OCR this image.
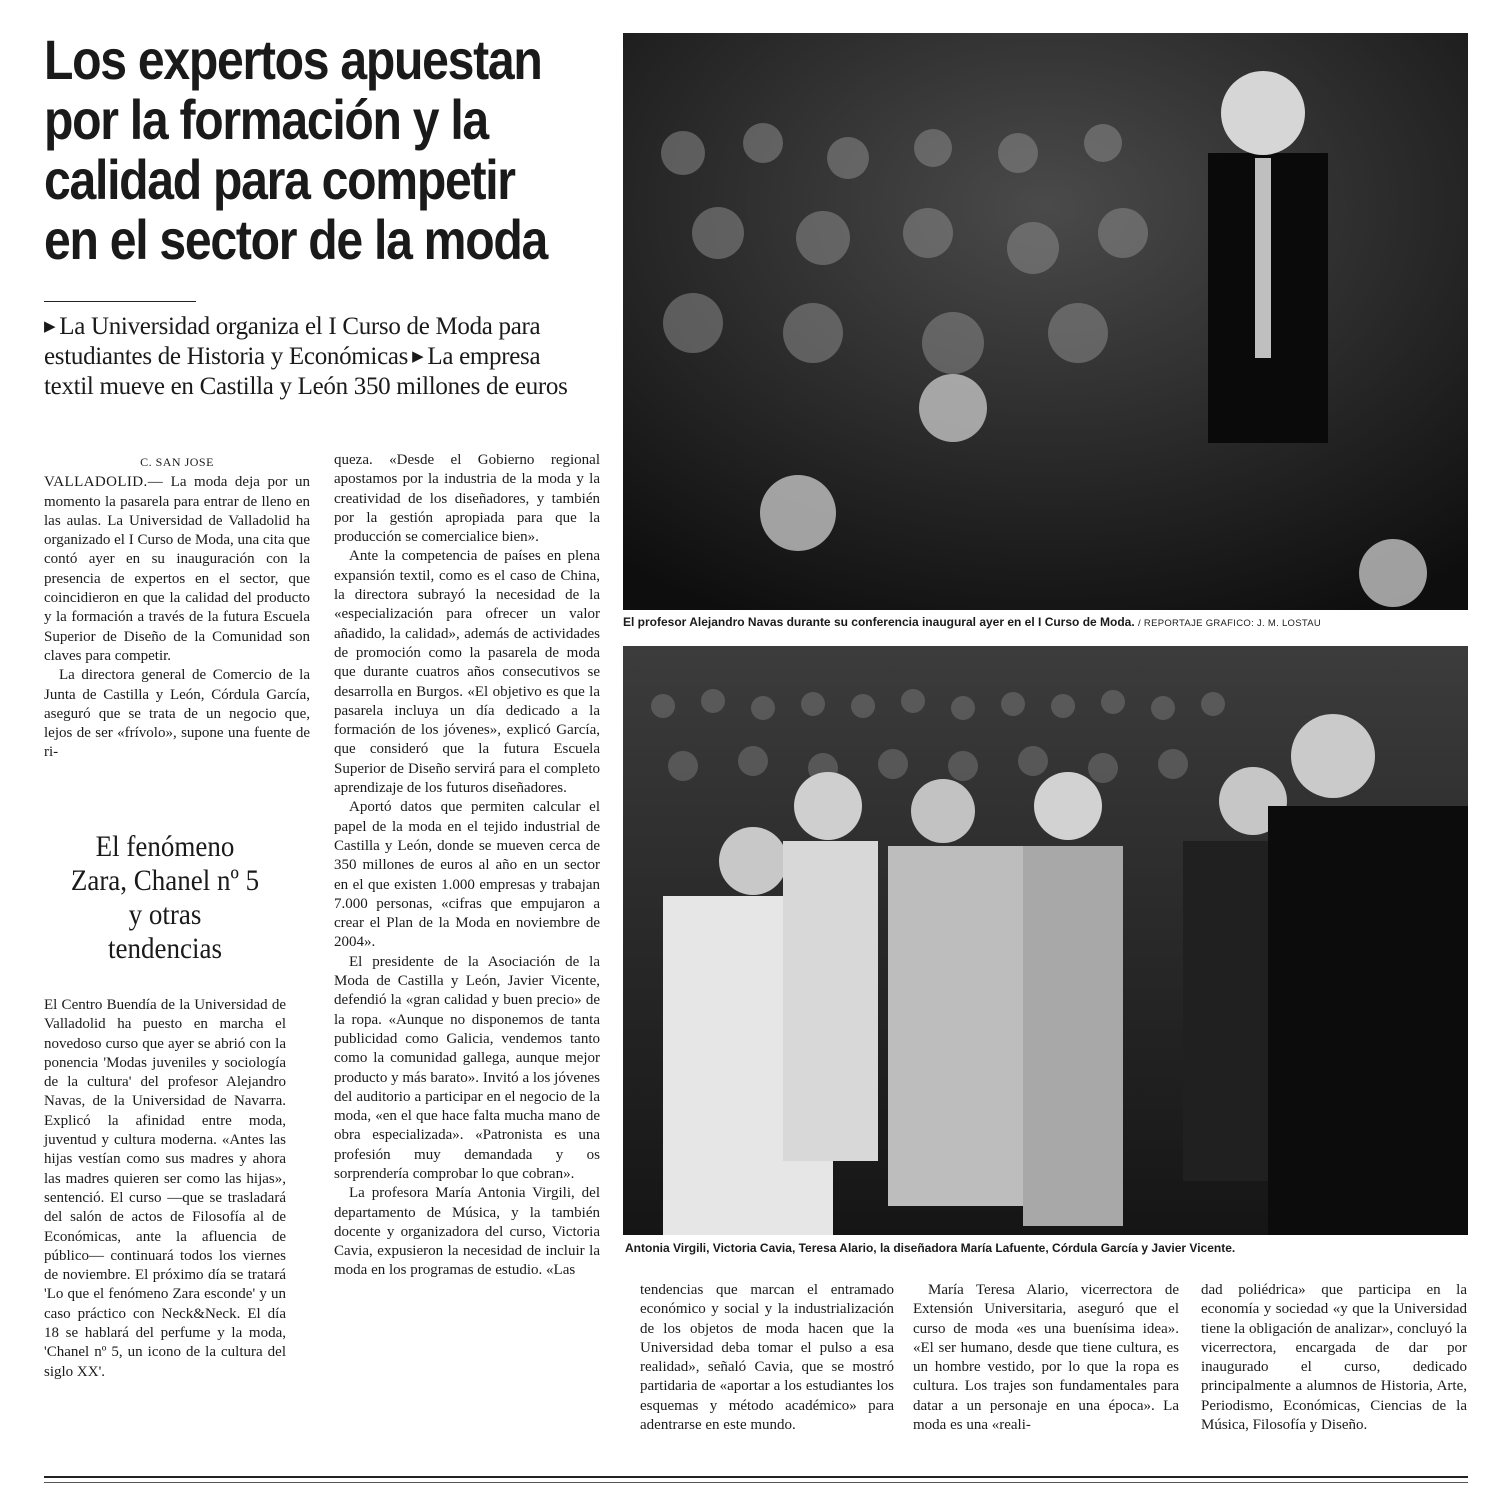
Los expertos apuestan
por la formación y la
calidad para competir
en el sector de la moda
▶ La Universidad organiza el I Curso de Moda para
estudiantes de Historia y Económicas ▶ La empresa
textil mueve en Castilla y León 350 millones de euros
C. SAN JOSE

VALLADOLID.— La moda deja por un momento la pasarela para entrar de lleno en las aulas. La Universidad de Valladolid ha organizado el I Curso de Moda, una cita que contó ayer en su inauguración con la presencia de expertos en el sector, que coincidieron en que la calidad del producto y la formación a través de la futura Escuela Superior de Diseño de la Comunidad son claves para competir.

La directora general de Comercio de la Junta de Castilla y León, Córdula García, aseguró que se trata de un negocio que, lejos de ser «frívolo», supone una fuente de ri-

El fenómeno
Zara, Chanel nº 5
y otras
tendencias

El Centro Buendía de la Universidad de Valladolid ha puesto en marcha el novedoso curso que ayer se abrió con la ponencia 'Modas juveniles y sociología de la cultura' del profesor Alejandro Navas, de la Universidad de Navarra. Explicó la afinidad entre moda, juventud y cultura moderna. «Antes las hijas vestían como sus madres y ahora las madres quieren ser como las hijas», sentenció. El curso —que se trasladará del salón de actos de Filosofía al de Económicas, ante la afluencia de público— continuará todos los viernes de noviembre. El próximo día se tratará 'Lo que el fenómeno Zara esconde' y un caso práctico con Neck&Neck. El día 18 se hablará del perfume y la moda, 'Chanel nº 5, un icono de la cultura del siglo XX'.

queza. «Desde el Gobierno regional apostamos por la industria de la moda y la creatividad de los diseñadores, y también por la gestión apropiada para que la producción se comercialice bien».

Ante la competencia de países en plena expansión textil, como es el caso de China, la directora subrayó la necesidad de la «especialización para ofrecer un valor añadido, la calidad», además de actividades de promoción como la pasarela de moda que durante cuatros años consecutivos se desarrolla en Burgos. «El objetivo es que la pasarela incluya un día dedicado a la formación de los jóvenes», explicó García, que consideró que la futura Escuela Superior de Diseño servirá para el completo aprendizaje de los futuros diseñadores.

Aportó datos que permiten calcular el papel de la moda en el tejido industrial de Castilla y León, donde se mueven cerca de 350 millones de euros al año en un sector en el que existen 1.000 empresas y trabajan 7.000 personas, «cifras que empujaron a crear el Plan de la Moda en noviembre de 2004».

El presidente de la Asociación de la Moda de Castilla y León, Javier Vicente, defendió la «gran calidad y buen precio» de la ropa. «Aunque no disponemos de tanta publicidad como Galicia, vendemos tanto como la comunidad gallega, aunque mejor producto y más barato». Invitó a los jóvenes del auditorio a participar en el negocio de la moda, «en el que hace falta mucha mano de obra especializada». «Patronista es una profesión muy demandada y os sorprendería comprobar lo que cobran».

La profesora María Antonia Virgili, del departamento de Música, y la también docente y organizadora del curso, Victoria Cavia, expusieron la necesidad de incluir la moda en los programas de estudio. «Las

El profesor Alejandro Navas durante su conferencia inaugural ayer en el I Curso de Moda. / REPORTAJE GRAFICO: J. M. LOSTAU
Antonia Virgili, Victoria Cavia, Teresa Alario, la diseñadora María Lafuente, Córdula García y Javier Vicente.

tendencias que marcan el entramado económico y social y la industrialización de los objetos de moda hacen que la Universidad deba tomar el pulso a esa realidad», señaló Cavia, que se mostró partidaria de «aportar a los estudiantes los esquemas y método académico» para adentrarse en este mundo.

María Teresa Alario, vicerrectora de Extensión Universitaria, aseguró que el curso de moda «es una buenísima idea». «El ser humano, desde que tiene cultura, es un hombre vestido, por lo que la ropa es cultura. Los trajes son fundamentales para datar a un personaje en una época». La moda es una «reali-

dad poliédrica» que participa en la economía y sociedad «y que la Universidad tiene la obligación de analizar», concluyó la vicerrectora, encargada de dar por inaugurado el curso, dedicado principalmente a alumnos de Historia, Arte, Periodismo, Económicas, Ciencias de la Música, Filosofía y Diseño.
